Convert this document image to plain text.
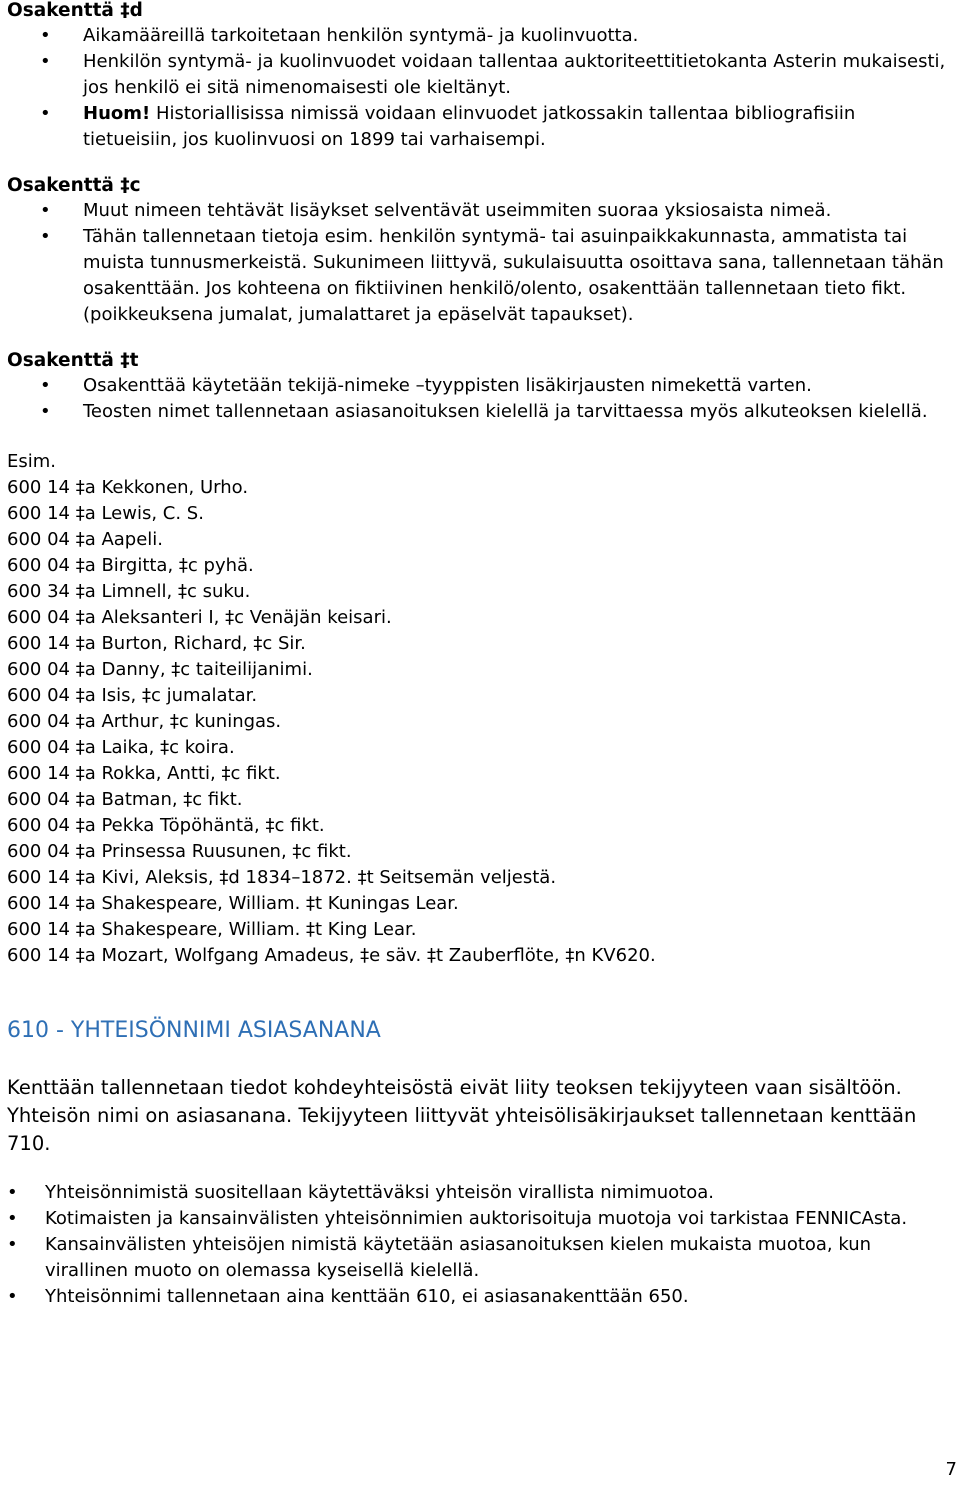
Osakenttä ‡d

• Aikamääreillä tarkoitetaan henkilön syntymä- ja kuolinvuotta.
• Henkilön syntymä- ja kuolinvuodet voidaan tallentaa auktoriteettitietokanta Asterin mukaisesti, jos henkilö ei sitä nimenomaisesti ole kieltänyt.
• Huom! Historiallisissa nimissä voidaan elinvuodet jatkossakin tallentaa bibliografisiin tietueisiin, jos kuolinvuosi on 1899 tai varhaisempi.

Osakenttä ‡c

• Muut nimeen tehtävät lisäykset selventävät useimmiten suoraa yksiosaista nimeä.
• Tähän tallennetaan tietoja esim. henkilön syntymä- tai asuinpaikkakunnasta, ammatista tai muista tunnusmerkeistä. Sukunimeen liittyvä, sukulaisuutta osoittava sana, tallennetaan tähän osakenttään. Jos kohteena on fiktiivinen henkilö/olento, osakenttään tallennetaan tieto fikt. (poikkeuksena jumalat, jumalattaret ja epäselvät tapaukset).

Osakenttä ‡t

• Osakenttää käytetään tekijä-nimeke –tyyppisten lisäkirjausten nimekettä varten.
• Teosten nimet tallennetaan asiasanoituksen kielellä ja tarvittaessa myös alkuteoksen kielellä.
Esim.
600 14 ‡a Kekkonen, Urho.
600 14 ‡a Lewis, C. S.
600 04 ‡a Aapeli.
600 04 ‡a Birgitta, ‡c pyhä.
600 34 ‡a Limnell, ‡c suku.
600 04 ‡a Aleksanteri I, ‡c Venäjän keisari.
600 14 ‡a Burton, Richard, ‡c Sir.
600 04 ‡a Danny, ‡c taiteilijanimi.
600 04 ‡a Isis, ‡c jumalatar.
600 04 ‡a Arthur, ‡c kuningas.
600 04 ‡a Laika, ‡c koira.
600 14 ‡a Rokka, Antti, ‡c fikt.
600 04 ‡a Batman, ‡c fikt.
600 04 ‡a Pekka Töpöhäntä, ‡c fikt.
600 04 ‡a Prinsessa Ruusunen, ‡c fikt.
600 14 ‡a Kivi, Aleksis, ‡d 1834–1872. ‡t Seitsemän veljestä.
600 14 ‡a Shakespeare, William. ‡t Kuningas Lear.
600 14 ‡a Shakespeare, William. ‡t King Lear.
600 14 ‡a Mozart, Wolfgang Amadeus, ‡e säv. ‡t Zauberflöte, ‡n KV620.

610 - YHTEISÖNNIMI ASIASANANA

Kenttään tallennetaan tiedot kohdeyhteisöstä eivät liity teoksen tekijyyteen vaan sisältöön. Yhteisön nimi on asiasanana. Tekijyyteen liittyvät yhteisölisäkirjaukset tallennetaan kenttään 710.
• Yhteisönnimistä suositellaan käytettäväksi yhteisön virallista nimimuotoa.
• Kotimaisten ja kansainvälisten yhteisönnimien auktorisoituja muotoja voi tarkistaa FENNICAsta.
• Kansainvälisten yhteisöjen nimistä käytetään asiasanoituksen kielen mukaista muotoa, kun virallinen muoto on olemassa kyseisellä kielellä.
• Yhteisönnimi tallennetaan aina kenttään 610, ei asiasanakenttään 650.
7
